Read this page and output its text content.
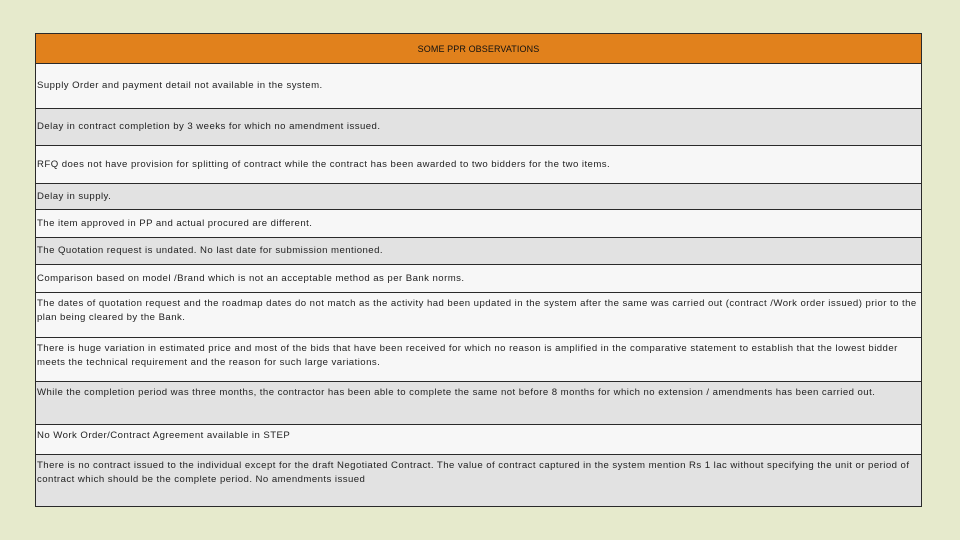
SOME PPR OBSERVATIONS
Supply Order and payment detail not available in the system.
Delay in contract completion by 3 weeks for which no amendment issued.
RFQ does not have provision for splitting of contract while the contract has been awarded to two bidders for the two items.
Delay in supply.
The item approved in PP and actual procured are different.
The Quotation request is undated. No last date for submission mentioned.
Comparison based on model /Brand which is not an acceptable method as per Bank norms.
The dates of quotation request and the roadmap dates do not match as the activity had been updated in the system after the same was carried out (contract /Work order issued) prior to the plan being cleared by the Bank.
There is huge variation in estimated price and most of the bids that have been received for which no reason is amplified in the comparative statement to establish that the lowest bidder meets the technical requirement and the reason for such large variations.
While the completion period was three months, the contractor has been able to complete the same not before 8 months for which no extension / amendments has been carried out.
No Work Order/Contract Agreement available in STEP
There is no contract issued to the individual except for the draft Negotiated Contract. The value of contract captured in the system mention Rs 1 lac without specifying the unit or period of contract which should be the complete period. No amendments issued
